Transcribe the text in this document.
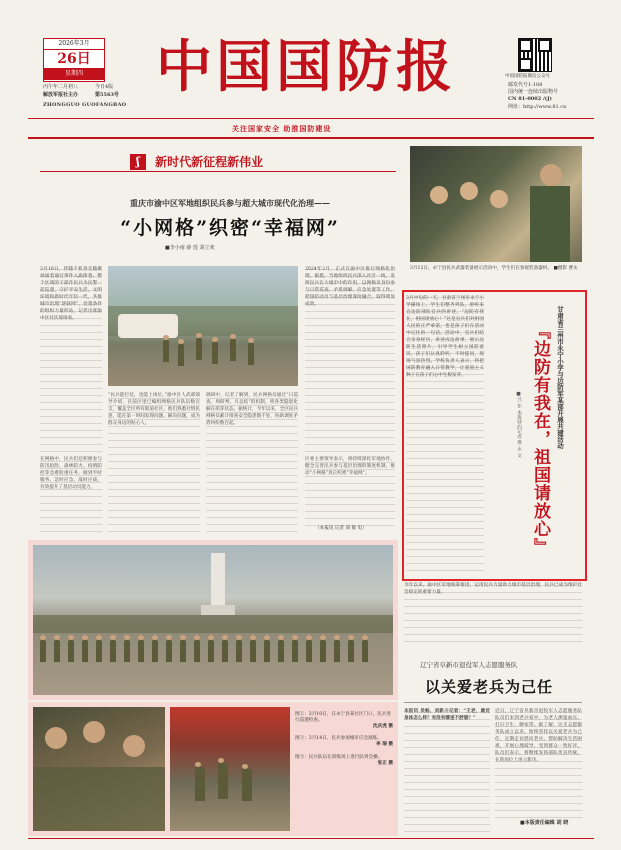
2026年3月
26日
星期四
丙午年二月初八	今日4版
解放军报社主办	第5563号
ZHONGGUO GUOFANGBAO
中国国防报	中国国防报微信公众号
邮发代号1-188
国内统一连续出版物号
CN 81-0002 /(J)
网址：http://www.81.cn
关注国家安全 助推国防建设
ʃ 新时代新征程新伟业
重庆市渝中区军地组织民兵参与超大城市现代化治理——
“小网格”织密“幸福网”
■李小南 薛 莲 刘立欢

3月16日，伴随千机春光随聚禄涌着通过事件入渝街巷。整个区域的干部作民兵为民警一起巡逻，守护平安生活，文明环境和新时代年轻一代，共推城市治理“逐联网”，处置条件的组织力量所站，记者出席渝中区社区现场看。

2024年2月，正式在渝中区推行网格化治理。据悉，当地组织民兵深入社区一线，发挥民兵在大城市中的作用，以网格员身份参与日常巡查、矛盾调解、应急处置等工作，把国防动员与基层治理深度融合，取得明显成效。

“民兵能打仗，也能上岗位。”渝中区人武部领导介绍，目前区里已编组网格民兵队伍数百支，覆盖全区所有街道社区。他们熟悉社情民意，能在第一时间发现问题、解决问题，成为群众身边的贴心人。

调研中，记者了解到，民兵网格员通过“日巡查、周研判、月总结”的机制，将各类隐患化解在萌芽状态。据统计，今年以来，全区民兵网格员累计排查安全隐患数千处，协助调处矛盾纠纷数百起。

在网格中，民兵们还积极参与防汛抢险、森林防火、疫情防控等急难险重任务，做到平时服务、急时应急、战时应战，有效提升了基层动员能力。

区委主要领导表示，将持续深化军地协作，健全完善民兵参与基层治理的制度机制，推动“小网格”真正织密“幸福网”。

（本报讯 记者 刘 敏 电）
3月12日，永宁县民兵武器装备展示活动中，学生们在参观装备器材。 ■摄影 曹永

3月中旬的一天，甘肃省兰州市永宁小学操场上，学生们整齐列队，聆听来自边防部队官兵的讲述。“边防有我在，祖国请放心！”这是官兵们对祖国人民的庄严承诺，也是孩子们在活动中记住的一句话。活动中，官兵们结合亲身经历，讲述戍边故事，展示边防生活照片，引导学生树立国防意识。孩子们认真聆听，不时提问，现场气氛热烈。学校负责人表示，将把国防教育融入日常教学，让爱国主义种子在孩子们心中生根发芽。	『边防有我在，祖国请放心』 甘肃省兰州市永宁小学与边防军某部开展共建活动
■吕 东 本报特约记者 曹 永 文
图①：3月10日，在永宁县某社区门口，民兵进行巡逻检查。
沈庆虎 摄
图②：3月14日，民兵参加城市应急演练。
李 瑞 摄
图③：民兵队伍在训练场上进行队列会操。
张正 摄

今年以来，渝中区军地统筹推进，运用民兵力量助力城市基层治理，民兵已成为维护社会稳定的重要力量。

辽宁省阜新市退役军人志愿服务队
以关爱老兵为己任

本报讯 吴畅、刘新斗记者：“王老，最近身体怎么样？有没有哪里不舒服？”

近日，辽宁省阜新市退役军人志愿服务队队员们来到老兵家中，为老人测量血压、打扫卫生、聊家常。据了解，这支志愿服务队成立以来，始终坚持以关爱老兵为己任，定期走访慰问老兵，帮助解决生活困难，开展心理疏导，受到群众一致好评。队员们表示，将继续发扬部队优良传统，在新岗位上再立新功。

■本版责任编辑 胡 晓
